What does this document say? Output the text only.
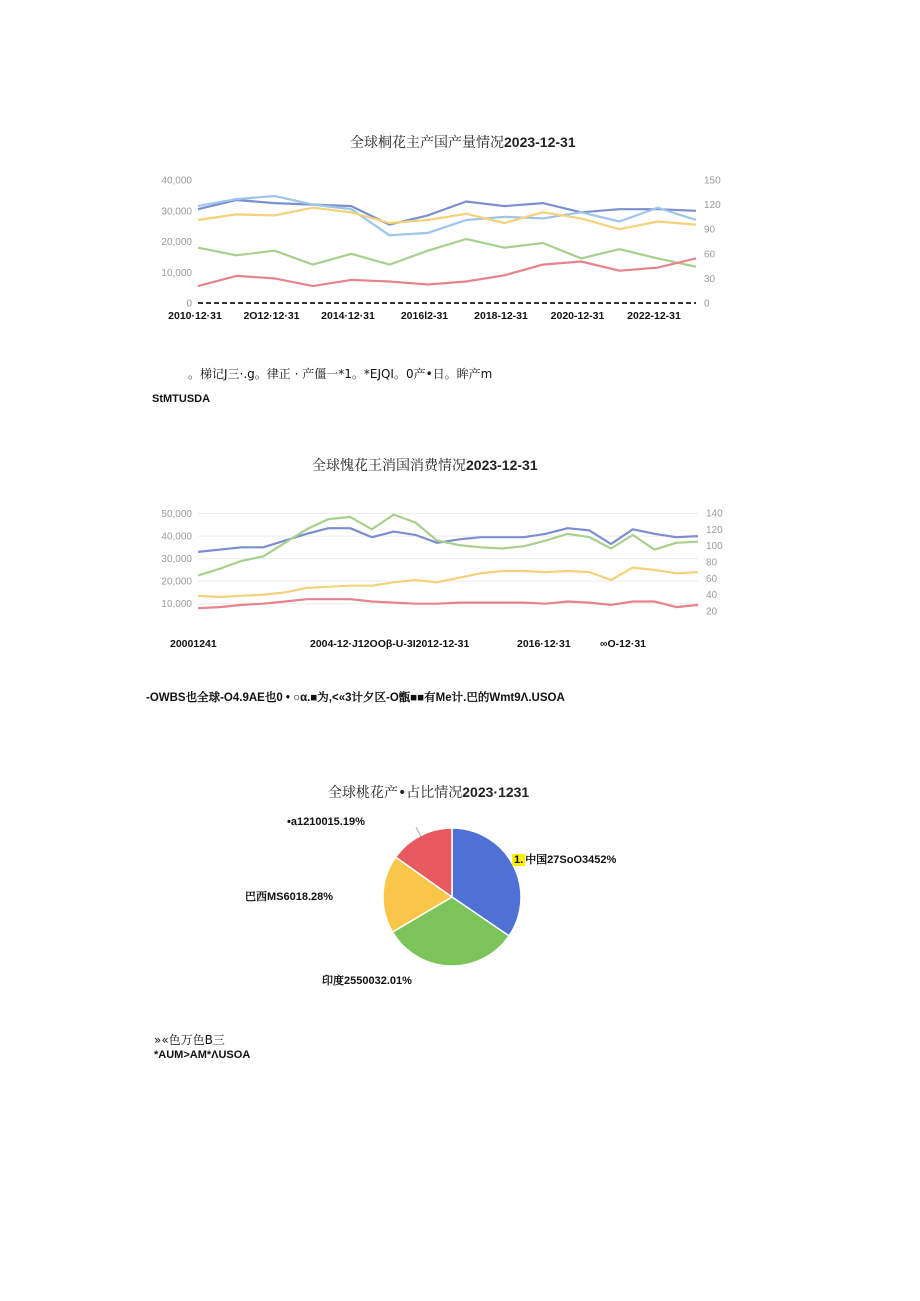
全球桐花主产国产量情况2023-12-31
0
10,000
20,000
30,000
40,000
0
30
60
90
120
150
2010·12·31 2O12·12·31 2014·12·31 2016l2-31 2018-12-31 2020-12-31 2022-12-31
。梯记J三·.g。律正 · 产僵一*1。*EJQI。0产•日。眸产m
StMTUSDA
全球愧花王消国消费情况2023-12-31
10,000
20,000
30,000
40,000
50,000
20
40
60
80
100
120
140
20001241	2004-12·J12OOβ-U-3I2012-12-31	2016·12·31	∞O-12·31
-OWBS也全球-O4.9AE也0 • ○α.■为,<«3计夕区-O甑■■有Me计.巴的Wmt9Λ.USOA
全球桃花产•占比情况2023·1231
•a1210015.19%
1. 中国27SoO3452%
巴西MS6018.28%
印度2550032.01%
»«色万色B三
*AUM>AM*ΛUSOA
